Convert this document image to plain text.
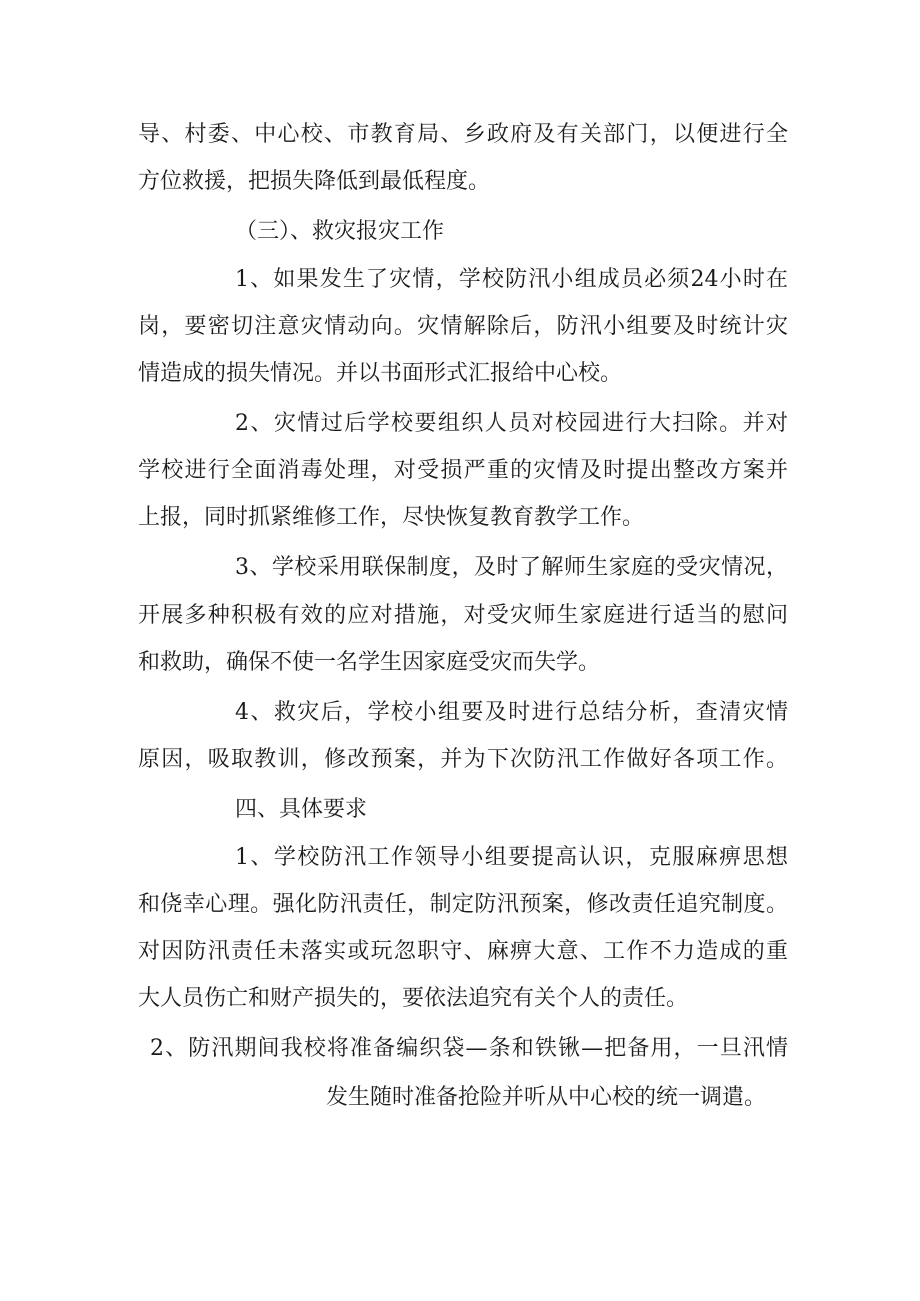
导、村委、中心校、市教育局、乡政府及有关部门，以便进行全
方位救援，把损失降低到最低程度。
（三）、救灾报灾工作
1、如果发生了灾情，学校防汛小组成员必须24小时在
岗，要密切注意灾情动向。灾情解除后，防汛小组要及时统计灾
情造成的损失情况。并以书面形式汇报给中心校。
2、灾情过后学校要组织人员对校园进行大扫除。并对
学校进行全面消毒处理，对受损严重的灾情及时提出整改方案并
上报，同时抓紧维修工作，尽快恢复教育教学工作。
3、学校采用联保制度，及时了解师生家庭的受灾情况，
开展多种积极有效的应对措施，对受灾师生家庭进行适当的慰问
和救助，确保不使一名学生因家庭受灾而失学。
4、救灾后，学校小组要及时进行总结分析，查清灾情
原因，吸取教训，修改预案，并为下次防汛工作做好各项工作。
四、具体要求
1、学校防汛工作领导小组要提高认识，克服麻痹思想
和侥幸心理。强化防汛责任，制定防汛预案，修改责任追究制度。
对因防汛责任未落实或玩忽职守、麻痹大意、工作不力造成的重
大人员伤亡和财产损失的，要依法追究有关个人的责任。
2、防汛期间我校将准备编织袋—条和铁锹—把备用，一旦汛情
发生随时准备抢险并听从中心校的统一调遣。
